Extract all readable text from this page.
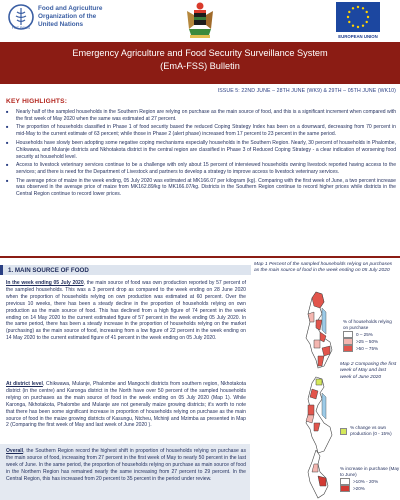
FIAT PANIS
Food and Agriculture
Organization of the
United Nations
EUROPEAN UNION
Emergency Agriculture and Food Security Surveillance System
(EmA-FSS) Bulletin
ISSUE 5: 22ND JUNE – 28TH JUNE (WK9) & 29TH – 05TH JUNE (WK10)
KEY HIGHLIGHTS:
■ Nearly half of the sampled households in the Southern Region are relying on purchase as the main source of food, and this is a significant increment when compared with the first week of May 2020 when the same was estimated at 27 percent.
■ The proportion of households classified in Phase 1 of food security based the reduced Coping Strategy Index has been on a downward, decreasing from 70 percent in mid-May to the current estimate of 63 percent; while those in Phase 2 (alert phase) increased from 17 percent to 23 percent in the same period.
■ Households have slowly been adopting some negative coping mechanisms especially households in the Southern Region. Nearly, 30 percent of households in Phalombe, Chikwawa, and Mulanje districts and Nkhotakota district in the central region are classified in Phase 3 of Reduced Coping Strategy - a clear indication of worsening food security at household level.
■ Access to livestock veterinary services continue to be a challenge with only about 15 percent of interviewed households owning livestock reported having access to the services; and there is need for the Department of Livestock and partners to develop a strategy to improve access to livestock veterinary services.
■ The average price of maize in the week ending, 05 July 2020 was estimated at MK166.07 per kilogram (kg). Comparing with the first week of June, a two percent increase was observed in the average price of maize from MK162.89/kg to MK166.07/kg. Districts in the Southern Region continue to record higher prices while districts in the Central Region continue to record lower prices.
1. MAIN SOURCE OF FOOD

In the week ending 05 July 2020, the main source of food was own production reported by 57 percent of the sampled households. This was a 3 percent drop as compared to the week ending on 28 June 2020 when the proportion of households relying on own production was estimated at 60 percent. Over the previous 10 weeks, there has been a steady decline in the proportion of households relying on own production as the main source of food. This has declined from a high figure of 74 percent in the week ending on 14 May 2020 to the current estimated figure of 57 percent in the week ending 05 July 2020. In the same period, there has been a steady increase in the proportion of households relying on the market (purchasing) as the main source of food, increasing from a low figure of 22 percent in the week ending on 14 May 2020 to the current estimated figure of 41 percent in the week ending on 05 July 2020.

At district level, Chikwawa, Mulanje, Phalombe and Mangochi districts from southern region, Nkhotakota district (in the centre) and Karonga district in the North have over 50 percent of the sampled households relying on purchases as the main source of food in the week ending on 05 July 2020 (Map 1). While Karonga, Nkhotakota, Phalombe and Mulanje are not generally maize growing districts; it's worth to note that there has been some significant increase in proportion of households relying on purchase as the main source of food in the maize growing districts of Kasungu, Ntcheu, Mchinji and Mzimba as presented in Map 2 (Comparing the first week of May and last week of June 2020 ).

Overall, the Southern Region record the highest shift in proportion of households relying on purchase as the main source of food, increasing from 27 percent in the first week of May to nearly 50 percent in the last week of June. In the same period, the proportion of households relying on purchase as main source of food in the Northern Region has remained nearly the same increasing from 27 percent to 29 percent. In the Central Region, this has increased from 20 percent to 35 percent in the period under review.

Map 1 Percent of the sampled households relying on purchases as the main source of food in the week ending on 05 July 2020
% of households relying on purchase
0 – 25%
>25 – 50%
>50 – 75%
Map 2 Comparing the first week of May and last week of June 2020
% change vs own production (0 - 15%)
% increase in purchase (May to June)
>10% - 20%
>20%
